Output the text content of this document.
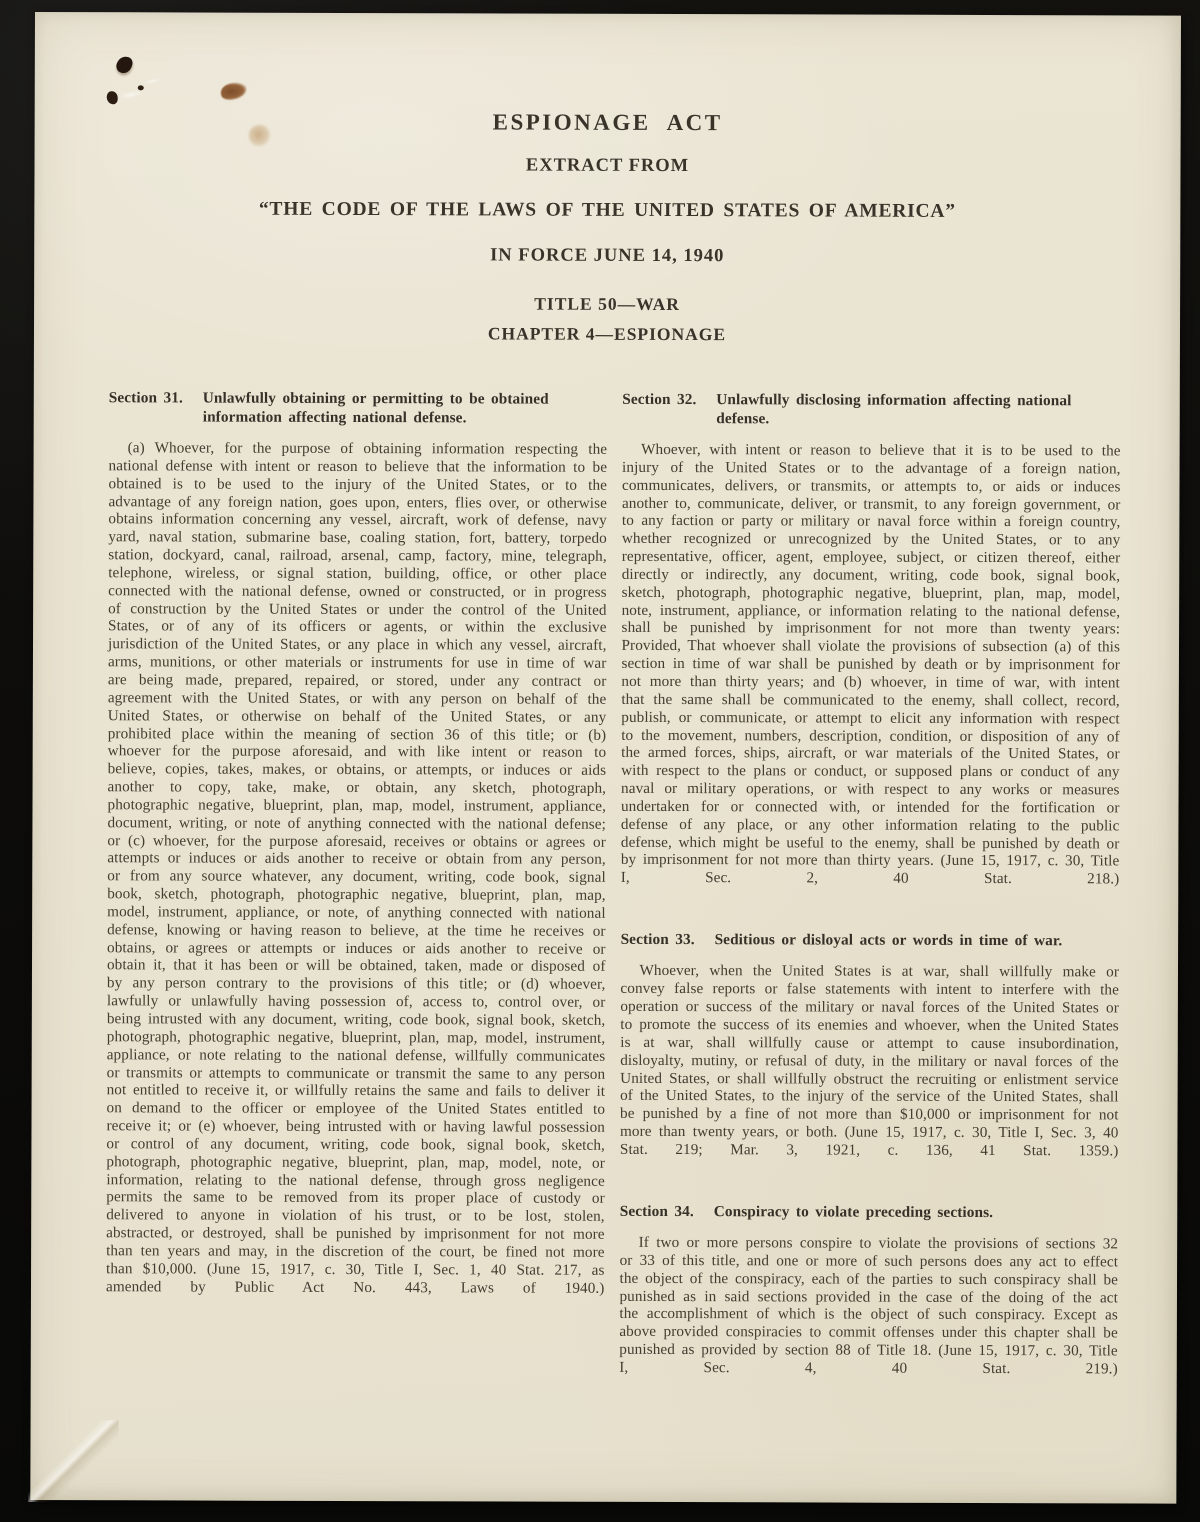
ESPIONAGE ACT
EXTRACT FROM
“THE CODE OF THE LAWS OF THE UNITED STATES OF AMERICA”
IN FORCE JUNE 14, 1940
TITLE 50—WAR
CHAPTER 4—ESPIONAGE
Section 31.	Unlawfully obtaining or permitting to be obtained information affecting national defense.

(a) Whoever, for the purpose of obtaining information respecting the national defense with intent or reason to believe that the information to be obtained is to be used to the injury of the United States, or to the advantage of any foreign nation, goes upon, enters, flies over, or otherwise obtains information concerning any vessel, aircraft, work of defense, navy yard, naval station, submarine base, coaling station, fort, battery, torpedo station, dockyard, canal, railroad, arsenal, camp, factory, mine, telegraph, telephone, wireless, or signal station, building, office, or other place connected with the national defense, owned or constructed, or in progress of construction by the United States or under the control of the United States, or of any of its officers or agents, or within the exclusive jurisdiction of the United States, or any place in which any vessel, aircraft, arms, munitions, or other materials or instruments for use in time of war are being made, prepared, repaired, or stored, under any contract or agreement with the United States, or with any person on behalf of the United States, or otherwise on behalf of the United States, or any prohibited place within the meaning of section 36 of this title; or (b) whoever for the purpose aforesaid, and with like intent or reason to believe, copies, takes, makes, or obtains, or attempts, or induces or aids another to copy, take, make, or obtain, any sketch, photograph, photographic negative, blueprint, plan, map, model, instrument, appliance, document, writing, or note of anything connected with the national defense; or (c) whoever, for the purpose aforesaid, receives or obtains or agrees or attempts or induces or aids another to receive or obtain from any person, or from any source whatever, any document, writing, code book, signal book, sketch, photograph, photographic negative, blueprint, plan, map, model, instrument, appliance, or note, of anything connected with national defense, knowing or having reason to believe, at the time he receives or obtains, or agrees or attempts or induces or aids another to receive or obtain it, that it has been or will be obtained, taken, made or disposed of by any person contrary to the provisions of this title; or (d) whoever, lawfully or unlawfully having possession of, access to, control over, or being intrusted with any document, writing, code book, signal book, sketch, photograph, photographic negative, blueprint, plan, map, model, instrument, appliance, or note relating to the national defense, willfully communicates or transmits or attempts to communicate or transmit the same to any person not entitled to receive it, or willfully retains the same and fails to deliver it on demand to the officer or employee of the United States entitled to receive it; or (e) whoever, being intrusted with or having lawful possession or control of any document, writing, code book, signal book, sketch, photograph, photographic negative, blueprint, plan, map, model, note, or information, relating to the national defense, through gross negligence permits the same to be removed from its proper place of custody or delivered to anyone in violation of his trust, or to be lost, stolen, abstracted, or destroyed, shall be punished by imprisonment for not more than ten years and may, in the discretion of the court, be fined not more than $10,000. (June 15, 1917, c. 30, Title I, Sec. 1, 40 Stat. 217, as amended by Public Act No. 443, Laws of 1940.)

Section 32.	Unlawfully disclosing information affecting national defense.

Whoever, with intent or reason to believe that it is to be used to the injury of the United States or to the advantage of a foreign nation, communicates, delivers, or transmits, or attempts to, or aids or induces another to, communicate, deliver, or transmit, to any foreign government, or to any faction or party or military or naval force within a foreign country, whether recognized or unrecognized by the United States, or to any representative, officer, agent, employee, subject, or citizen thereof, either directly or indirectly, any document, writing, code book, signal book, sketch, photograph, photographic negative, blueprint, plan, map, model, note, instrument, appliance, or information relating to the national defense, shall be punished by imprisonment for not more than twenty years: Provided, That whoever shall violate the provisions of subsection (a) of this section in time of war shall be punished by death or by imprisonment for not more than thirty years; and (b) whoever, in time of war, with intent that the same shall be communicated to the enemy, shall collect, record, publish, or communicate, or attempt to elicit any information with respect to the movement, numbers, description, condition, or disposition of any of the armed forces, ships, aircraft, or war materials of the United States, or with respect to the plans or conduct, or supposed plans or conduct of any naval or military operations, or with respect to any works or measures undertaken for or connected with, or intended for the fortification or defense of any place, or any other information relating to the public defense, which might be useful to the enemy, shall be punished by death or by imprisonment for not more than thirty years. (June 15, 1917, c. 30, Title I, Sec. 2, 40 Stat. 218.)

Section 33.	Seditious or disloyal acts or words in time of war.

Whoever, when the United States is at war, shall willfully make or convey false reports or false statements with intent to interfere with the operation or success of the military or naval forces of the United States or to promote the success of its enemies and whoever, when the United States is at war, shall willfully cause or attempt to cause insubordination, disloyalty, mutiny, or refusal of duty, in the military or naval forces of the United States, or shall willfully obstruct the recruiting or enlistment service of the United States, to the injury of the service of the United States, shall be punished by a fine of not more than $10,000 or imprisonment for not more than twenty years, or both. (June 15, 1917, c. 30, Title I, Sec. 3, 40 Stat. 219; Mar. 3, 1921, c. 136, 41 Stat. 1359.)

Section 34.	Conspiracy to violate preceding sections.

If two or more persons conspire to violate the provisions of sections 32 or 33 of this title, and one or more of such persons does any act to effect the object of the conspiracy, each of the parties to such conspiracy shall be punished as in said sections provided in the case of the doing of the act the accomplishment of which is the object of such conspiracy. Except as above provided conspiracies to commit offenses under this chapter shall be punished as provided by section 88 of Title 18. (June 15, 1917, c. 30, Title I, Sec. 4, 40 Stat. 219.)
